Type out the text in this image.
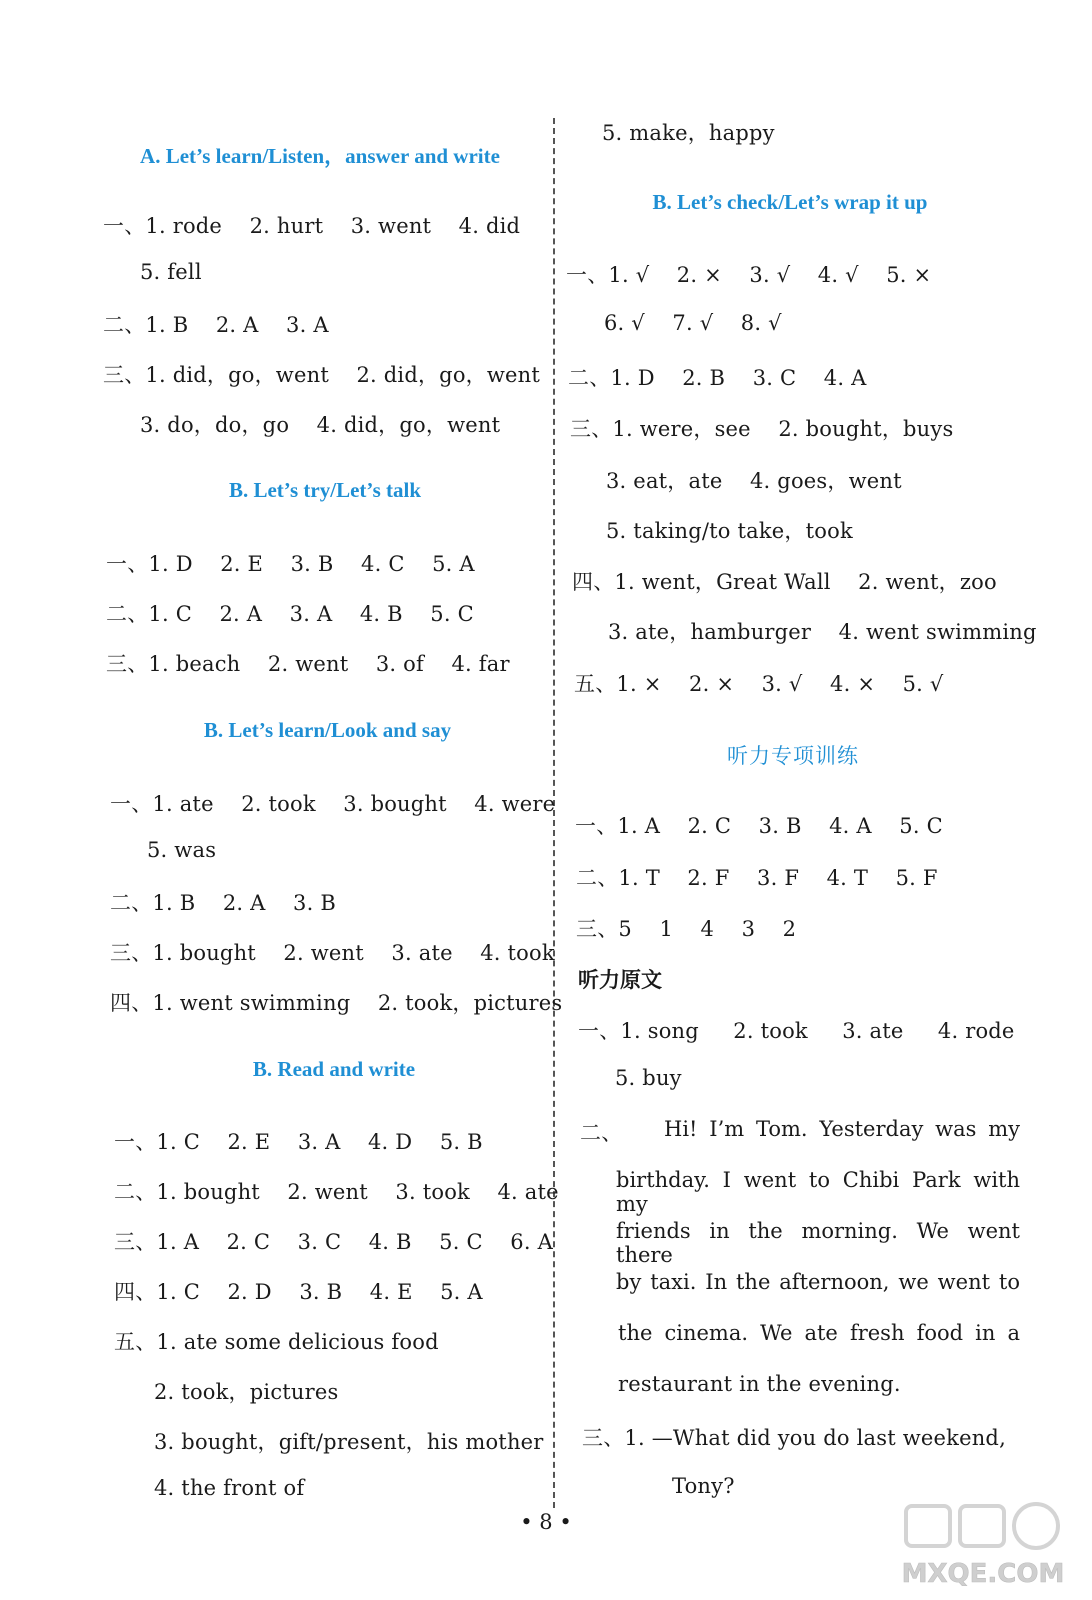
A. Let’s learn/Listen，answer and write
一、1. rode    2. hurt    3. went    4. did
5. fell
二、1. B    2. A    3. A
三、1. did，go，went    2. did，go，went
3. do，do，go    4. did，go，went
B. Let’s try/Let’s talk
一、1. D    2. E    3. B    4. C    5. A
二、1. C    2. A    3. A    4. B    5. C
三、1. beach    2. went    3. of    4. far
B. Let’s learn/Look and say
一、1. ate    2. took    3. bought    4. were
5. was
二、1. B    2. A    3. B
三、1. bought    2. went    3. ate    4. took
四、1. went swimming    2. took，pictures
B. Read and write
一、1. C    2. E    3. A    4. D    5. B
二、1. bought    2. went    3. took    4. ate
三、1. A    2. C    3. C    4. B    5. C    6. A
四、1. C    2. D    3. B    4. E    5. A
五、1. ate some delicious food
2. took，pictures
3. bought，gift/present，his mother
4. the front of
5. make，happy
B. Let’s check/Let’s wrap it up
一、1. √    2. ×    3. √    4. √    5. ×
6. √    7. √    8. √
二、1. D    2. B    3. C    4. A
三、1. were，see    2. bought，buys
3. eat，ate    4. goes，went
5. taking/to take，took
四、1. went，Great Wall    2. went，zoo
3. ate，hamburger    4. went swimming
五、1. ×    2. ×    3. √    4. ×    5. √
听力专项训练
一、1. A    2. C    3. B    4. A    5. C
二、1. T    2. F    3. F    4. T    5. F
三、5    1    4    3    2
听力原文
一、1. song     2. took     3. ate     4. rode
5. buy
二、 Hi! I’m Tom. Yesterday was my
birthday. I went to Chibi Park with my
friends in the morning. We went there
by taxi. In the afternoon, we went to
the cinema. We ate fresh food in a
restaurant in the evening.
三、1. —What did you do last weekend,
Tony?
• 8 •
MXQE.COM
